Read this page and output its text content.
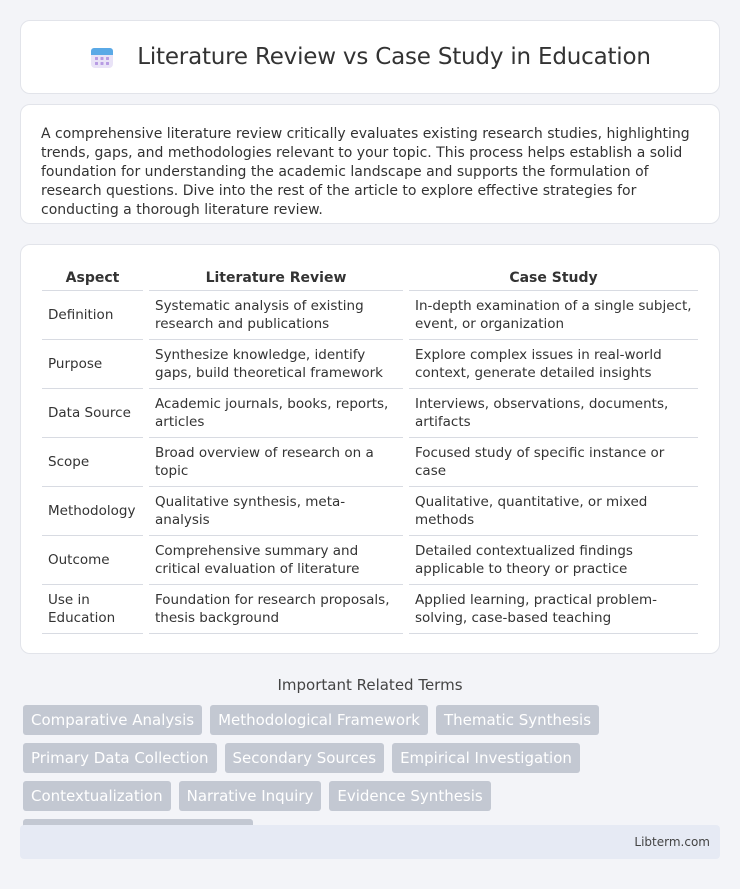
Literature Review vs Case Study in Education

A comprehensive literature review critically evaluates existing research studies, highlighting trends, gaps, and methodologies relevant to your topic. This process helps establish a solid foundation for understanding the academic landscape and supports the formulation of research questions. Dive into the rest of the article to explore effective strategies for conducting a thorough literature review.

Aspect	Literature Review	Case Study
Definition	Systematic analysis of existing research and publications	In-depth examination of a single subject, event, or organization
Purpose	Synthesize knowledge, identify gaps, build theoretical framework	Explore complex issues in real-world context, generate detailed insights
Data Source	Academic journals, books, reports, articles	Interviews, observations, documents, artifacts
Scope	Broad overview of research on a topic	Focused study of specific instance or case
Methodology	Qualitative synthesis, meta-analysis	Qualitative, quantitative, or mixed methods
Outcome	Comprehensive summary and critical evaluation of literature	Detailed contextualized findings applicable to theory or practice
Use in Education	Foundation for research proposals, thesis background	Applied learning, practical problem-solving, case-based teaching
Important Related Terms
Comparative Analysis	Methodological Framework	Thematic Synthesis
Primary Data Collection	Secondary Sources	Empirical Investigation
Contextualization	Narrative Inquiry	Evidence Synthesis
Libterm.com
